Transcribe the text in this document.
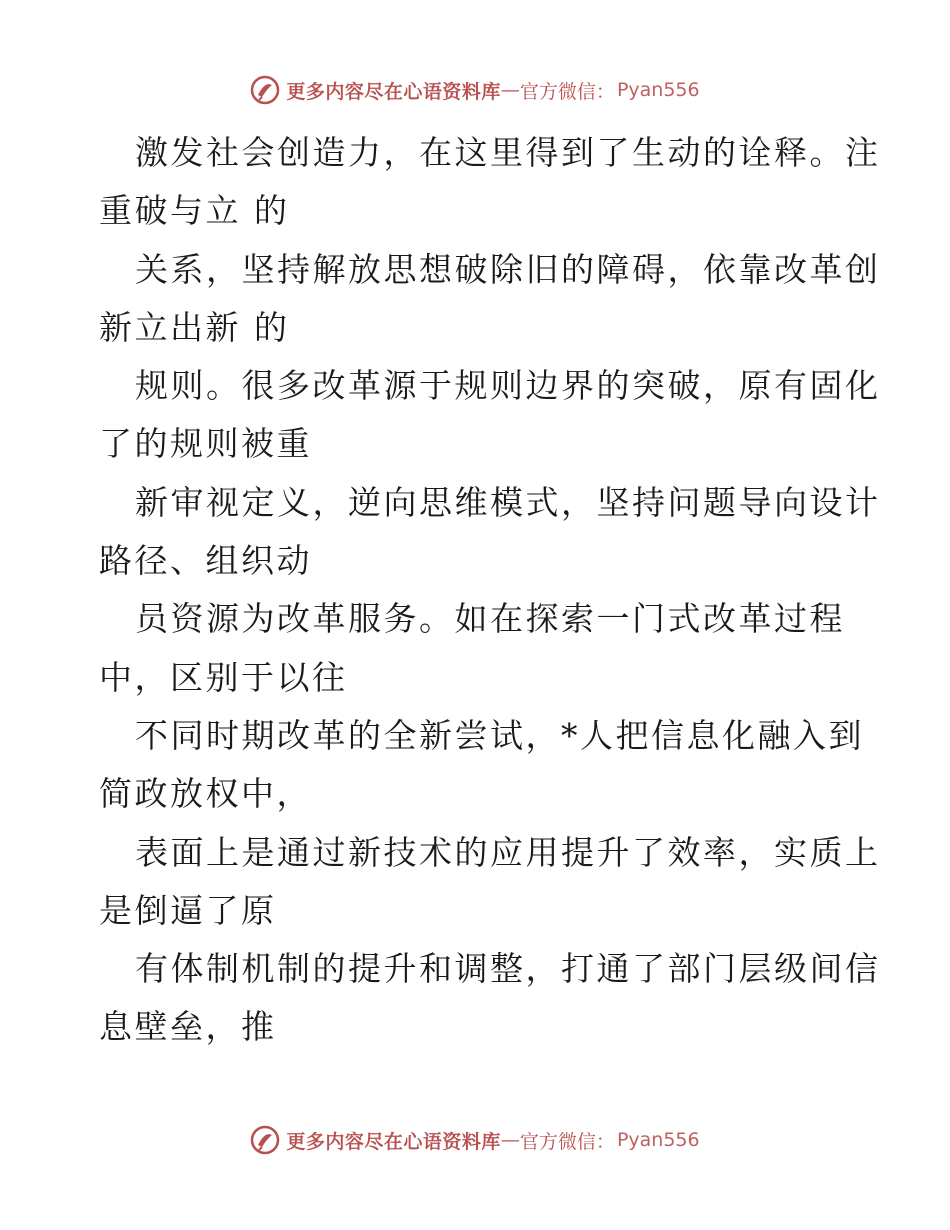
更多内容尽在心语资料库 — 官方微信： Pyan556
激发社会创造力，在这里得到了生动的诠释。注
重破与立 的
关系，坚持解放思想破除旧的障碍，依靠改革创
新立出新 的
规则。很多改革源于规则边界的突破，原有固化
了的规则被重
新审视定义，逆向思维模式，坚持问题导向设计
路径、组织动
员资源为改革服务。如在探索一门式改革过程
中，区别于以往
不同时期改革的全新尝试，*人把信息化融入到
简政放权中，
表面上是通过新技术的应用提升了效率，实质上
是倒逼了原
有体制机制的提升和调整，打通了部门层级间信
息壁垒，推
更多内容尽在心语资料库 — 官方微信： Pyan556
